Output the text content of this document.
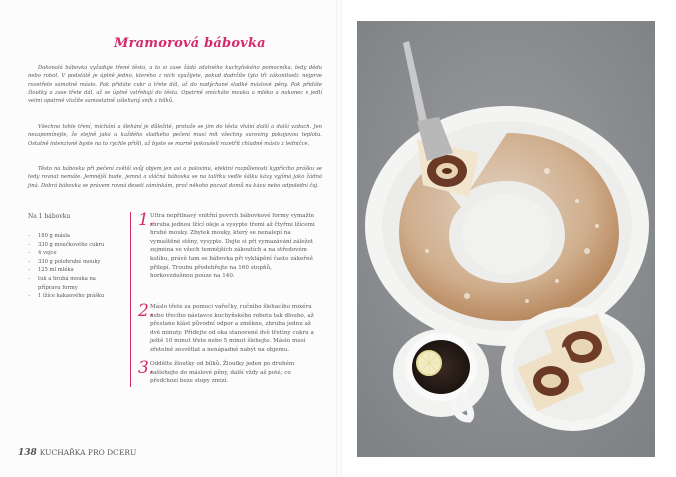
Mramorová bábovka

Dokonalá bábovka vyžaduje třené těsto, a to si zase žádá zdatného kuchyňského pomocníka, tedy dědu nebo robot. V podstatě je úplně jedno, kterého z nich využijete, pokud dodržíte tyto tři zákonitosti: nejprve rozetřete samotné máslo. Pak přidáte cukr a třete dál, až do nadýchané sladké máslové pěny. Pak přidáte žloutky a zase třete dál, až se úplně vstřebají do těsta. Opatrně smícháte mouku a mléko a nakonec s jedlí velmi opatrně vložíte samostatně ušlehaný sníh z bílků.

Všechno tohle tření, míchání a šlehání je důležité, protože se jím do těsta vhání další a další vzduch. Jen nezapomínejte, že stejně jako u každého sladkého pečení musí mít všechny suroviny pokojovou teplotu. Ostatně intenzivně byste na to rychle přišli, až byste se marně pokoušeli rozetřít chladné máslo z ledničce.

Těsto na bábovku při pečení zvětší svůj objem jen asi o polovinu, efektní rozpůlenosti kypřícího prášku se tedy rovnat nemáte. Jemnější bude, jemná a vláčná bábovka se na talířku vedle šálku kávy vyjímá jako žádná jiná. Dobrá bábovka se právem rovná deseti zámínkám, proč někoho pozvat domů na kávu nebo odpolední čaj.

Na 1 bábovku
–	180 g másla
–	330 g moučkového cukru
–	4 vejce
–	330 g polohrubé mouky
–	125 ml mléka
–	tuk a hrubá mouka na přípravu formy
–	1 lžíce kakaového prášku
1.
Ultra nepřilnavý vnitřní povrch bábovkové formy vymažte zhruba jednou lžící oleje a vysypte třemi až čtyřmi lžícemi hrubé mouky. Zbytek mouky, který se nenalepí na vymaštěné stěny, vysypte. Dejte si při vymazávání záležet zejména ve všech temnějších zákoutích a na středovém kolíku, právě tam se bábovka při vyklápění často zákeřně přilepí. Troubu předehřejte na 160 stupňů, horkovzdušnou pouze na 140.
2.
Máslo třete za pomoci vařečky, ručního šlehacího mixéru nebo třecího nástavce kuchyňského robotu tak dlouho, až přestane klást původní odpor a změkne, zhruba jednu až dvě minuty. Přidejte od oka stanovené dvě třetiny cukru a ještě 10 minut třete nebo 5 minut šlehejte. Máslo musí zřetelně zesvětlat a nenápadně nabýt na objemu.
3.
Oddělte žloutky od bílků. Žloutky jeden po druhém zašlehejte do máslové pěny, další vždy až poté, co předchozí beze stopy zmizí.
138 KUCHAŘKA PRO DCERU
